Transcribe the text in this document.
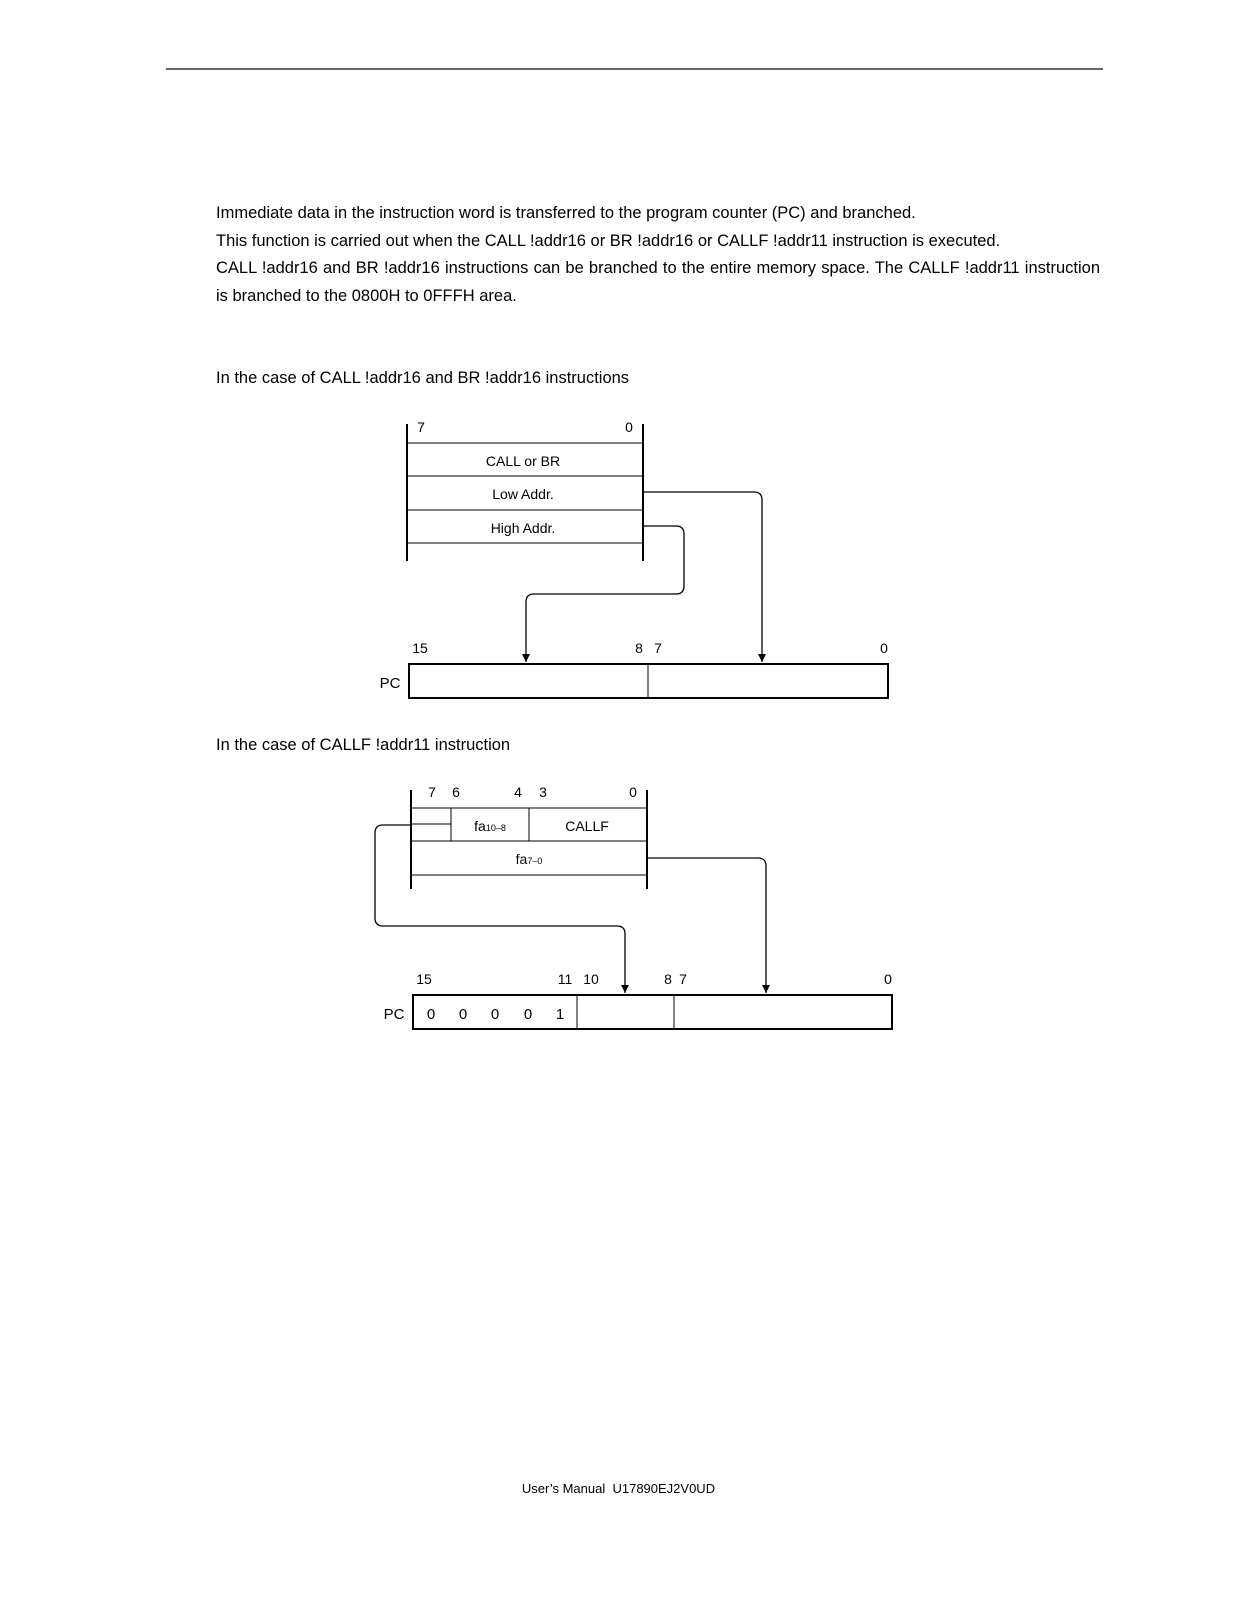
Immediate data in the instruction word is transferred to the program counter (PC) and branched.

This function is carried out when the CALL !addr16 or BR !addr16 or CALLF !addr11 instruction is executed.

CALL !addr16 and BR !addr16 instructions can be branched to the entire memory space. The CALLF !addr11 instruction is branched to the 0800H to 0FFFH area.

In the case of CALL !addr16 and BR !addr16 instructions
In the case of CALLF !addr11 instruction
7	0
CALL or BR
Low Addr.
High Addr.
15	8 7	0
PC
7 6	4 3	0
fa10–8	CALLF
fa7–0
15	11 10	8 7	0
PC 0 0 0 0 1
User’s Manual U17890EJ2V0UD
